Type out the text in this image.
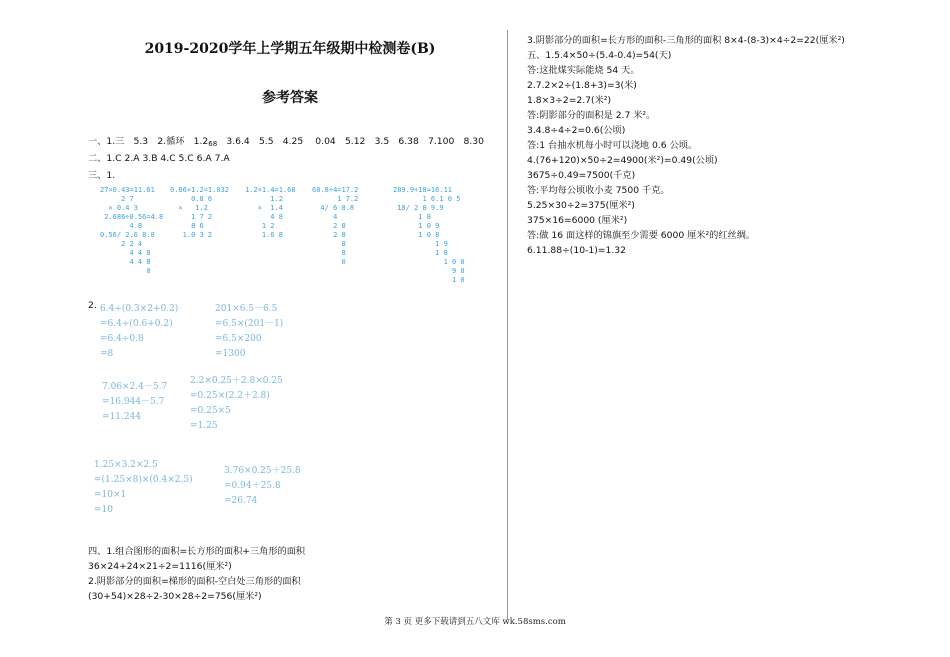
2019-2020学年上学期五年级期中检测卷(B)
参考答案
一、1.三　5.3　2.循环　$1.2_{68}$　3.6.4　5.5　4.25　 0.04　5.12　3.5　6.38　7.100　8.30
二、1.C 2.A 3.B 4.C 5.C 6.A 7.A
三、1.
27×0.43=11.61
2 7
× 0.4 3
2.686÷0.56=4.8
4.8
0.56/ 2.6 8.8
2 2 4
4 4 8
4 4 8
0
0.86×1.2=1.032
0.8 6
×   1.2
1 7 2
8 6
1.0 3 2
1.2×1.4=1.68
1.2
×  1.4
4 8
1 2
1.6 8
68.8÷4=17.2
1 7.2
4/ 6 8.8
4
2 8
2 8
8
8
0
289.9÷18≈16.11
1 6.1 0 5
18/ 2 8 9.9
1 8
1 0 9
1 0 8
1 9
1 8
1 0 0
9 0
1 0
2. 6.4÷(0.3×2+0.2)
=6.4÷(0.6+0.2)
=6.4÷0.8
=8
201×6.5－6.5
=6.5×(201－1)
=6.5×200
=1300
7.06×2.4－5.7
=16.944－5.7
=11.244
2.2×0.25＋2.8×0.25
=0.25×(2.2＋2.8)
=0.25×5
=1.25
1.25×3.2×2.5
=(1.25×8)×(0.4×2.5)
=10×1
=10
3.76×0.25＋25.8
=0.94＋25.8
=26.74
四、1.组合图形的面积=长方形的面积+三角形的面积
36×24+24×21÷2=1116(厘米²)
2.阴影部分的面积=梯形的面积-空白处三角形的面积
(30+54)×28÷2-30×28÷2=756(厘米²)
3.阴影部分的面积=长方形的面积-三角形的面积 8×4-(8-3)×4÷2=22(厘米²)
五、1.5.4×50÷(5.4-0.4)=54(天)
答:这批煤实际能烧 54 天。
2.7.2×2÷(1.8+3)=3(米)
1.8×3÷2=2.7(米²)
答:阴影部分的面积是 2.7 米²。
3.4.8÷4÷2=0.6(公顷)
答:1 台抽水机每小时可以浇地 0.6 公顷。
4.(76+120)×50÷2=4900(米²)=0.49(公顷)
3675÷0.49=7500(千克)
答:平均每公顷收小麦 7500 千克。
5.25×30÷2=375(厘米²)
375×16=6000 (厘米²)
答:做 16 面这样的锦旗至少需要 6000 厘米²的红丝绸。
6.11.88÷(10-1)=1.32
第 3 页 更多下载请到五八文库 wk.58sms.com
